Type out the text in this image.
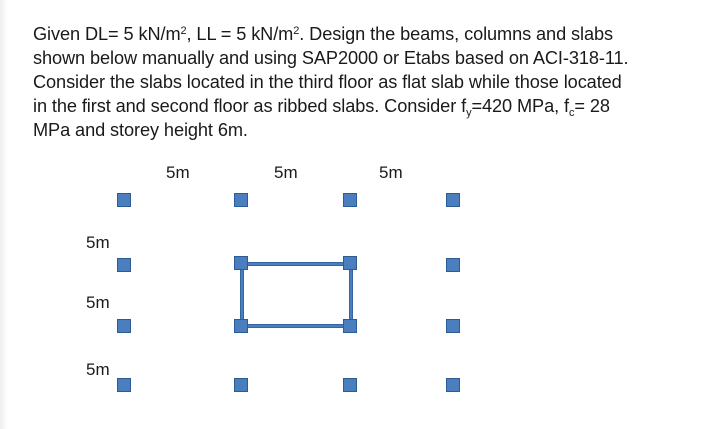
Given DL= 5 $kN/m^2$, LL = 5 $kN/m^2$. Design the beams, columns and slabs
shown below manually and using SAP2000 or Etabs based on ACI-318-11.
Consider the slabs located in the third floor as flat slab while those located
in the first and second floor as ribbed slabs. Consider $f_y=420$ MPa, $f_c= 28$
MPa and storey height 6m.
5m	5m	5m
5m
5m
5m
